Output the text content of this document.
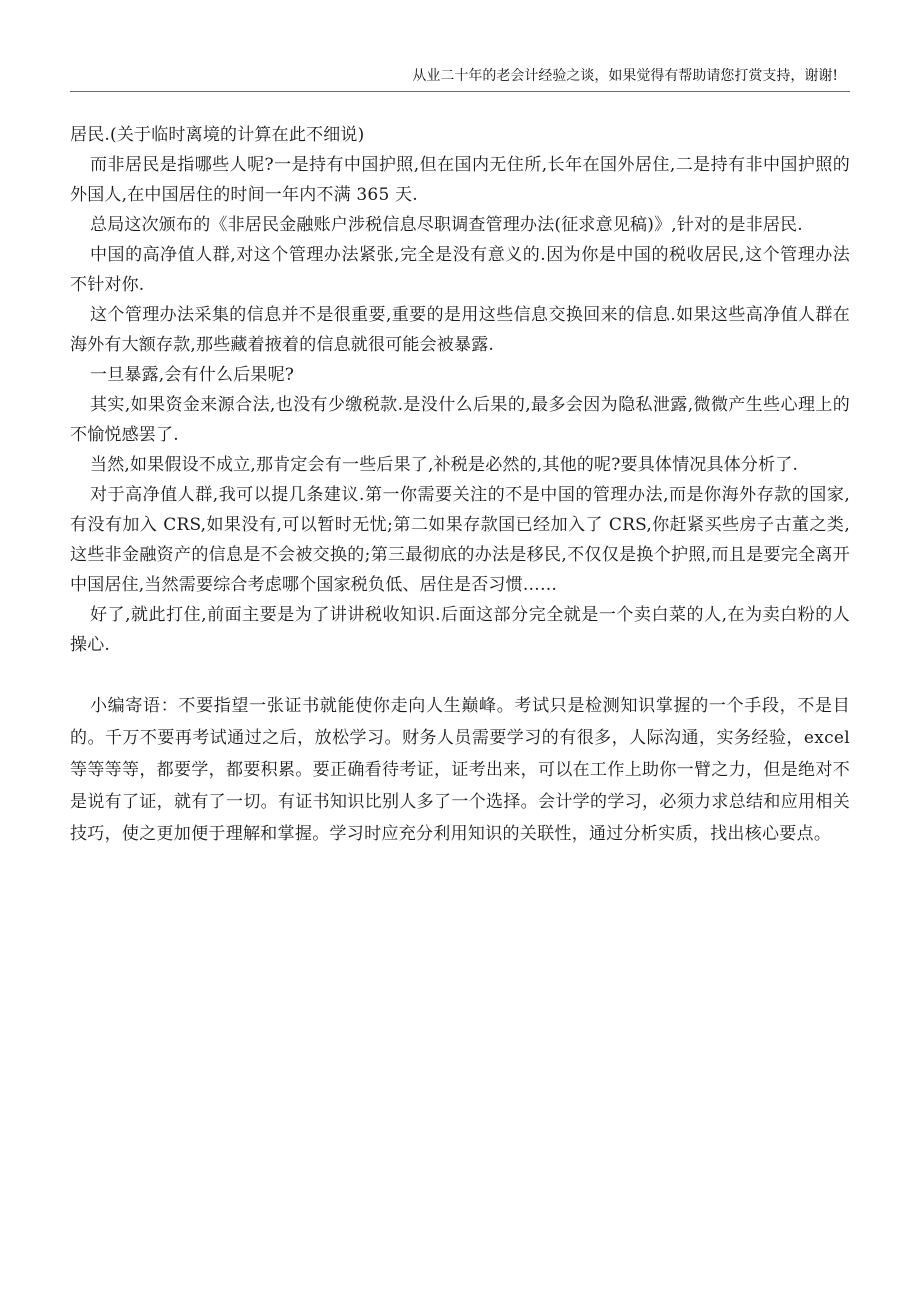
从业二十年的老会计经验之谈，如果觉得有帮助请您打赏支持，谢谢!

居民.(关于临时离境的计算在此不细说)

而非居民是指哪些人呢?一是持有中国护照,但在国内无住所,长年在国外居住,二是持有非中国护照的外国人,在中国居住的时间一年内不满 365 天.

总局这次颁布的《非居民金融账户涉税信息尽职调查管理办法(征求意见稿)》,针对的是非居民.

中国的高净值人群,对这个管理办法紧张,完全是没有意义的.因为你是中国的税收居民,这个管理办法不针对你.

这个管理办法采集的信息并不是很重要,重要的是用这些信息交换回来的信息.如果这些高净值人群在海外有大额存款,那些藏着掖着的信息就很可能会被暴露.

一旦暴露,会有什么后果呢?

其实,如果资金来源合法,也没有少缴税款.是没什么后果的,最多会因为隐私泄露,微微产生些心理上的不愉悦感罢了.

当然,如果假设不成立,那肯定会有一些后果了,补税是必然的,其他的呢?要具体情况具体分析了.

对于高净值人群,我可以提几条建议.第一你需要关注的不是中国的管理办法,而是你海外存款的国家,有没有加入 CRS,如果没有,可以暂时无忧;第二如果存款国已经加入了 CRS,你赶紧买些房子古董之类,这些非金融资产的信息是不会被交换的;第三最彻底的办法是移民,不仅仅是换个护照,而且是要完全离开中国居住,当然需要综合考虑哪个国家税负低、居住是否习惯……

好了,就此打住,前面主要是为了讲讲税收知识.后面这部分完全就是一个卖白菜的人,在为卖白粉的人操心.

小编寄语：不要指望一张证书就能使你走向人生巅峰。考试只是检测知识掌握的一个手段，不是目的。千万不要再考试通过之后，放松学习。财务人员需要学习的有很多，人际沟通，实务经验，excel 等等等等，都要学，都要积累。要正确看待考证，证考出来，可以在工作上助你一臂之力，但是绝对不是说有了证，就有了一切。有证书知识比别人多了一个选择。会计学的学习，必须力求总结和应用相关技巧，使之更加便于理解和掌握。学习时应充分利用知识的关联性，通过分析实质，找出核心要点。
